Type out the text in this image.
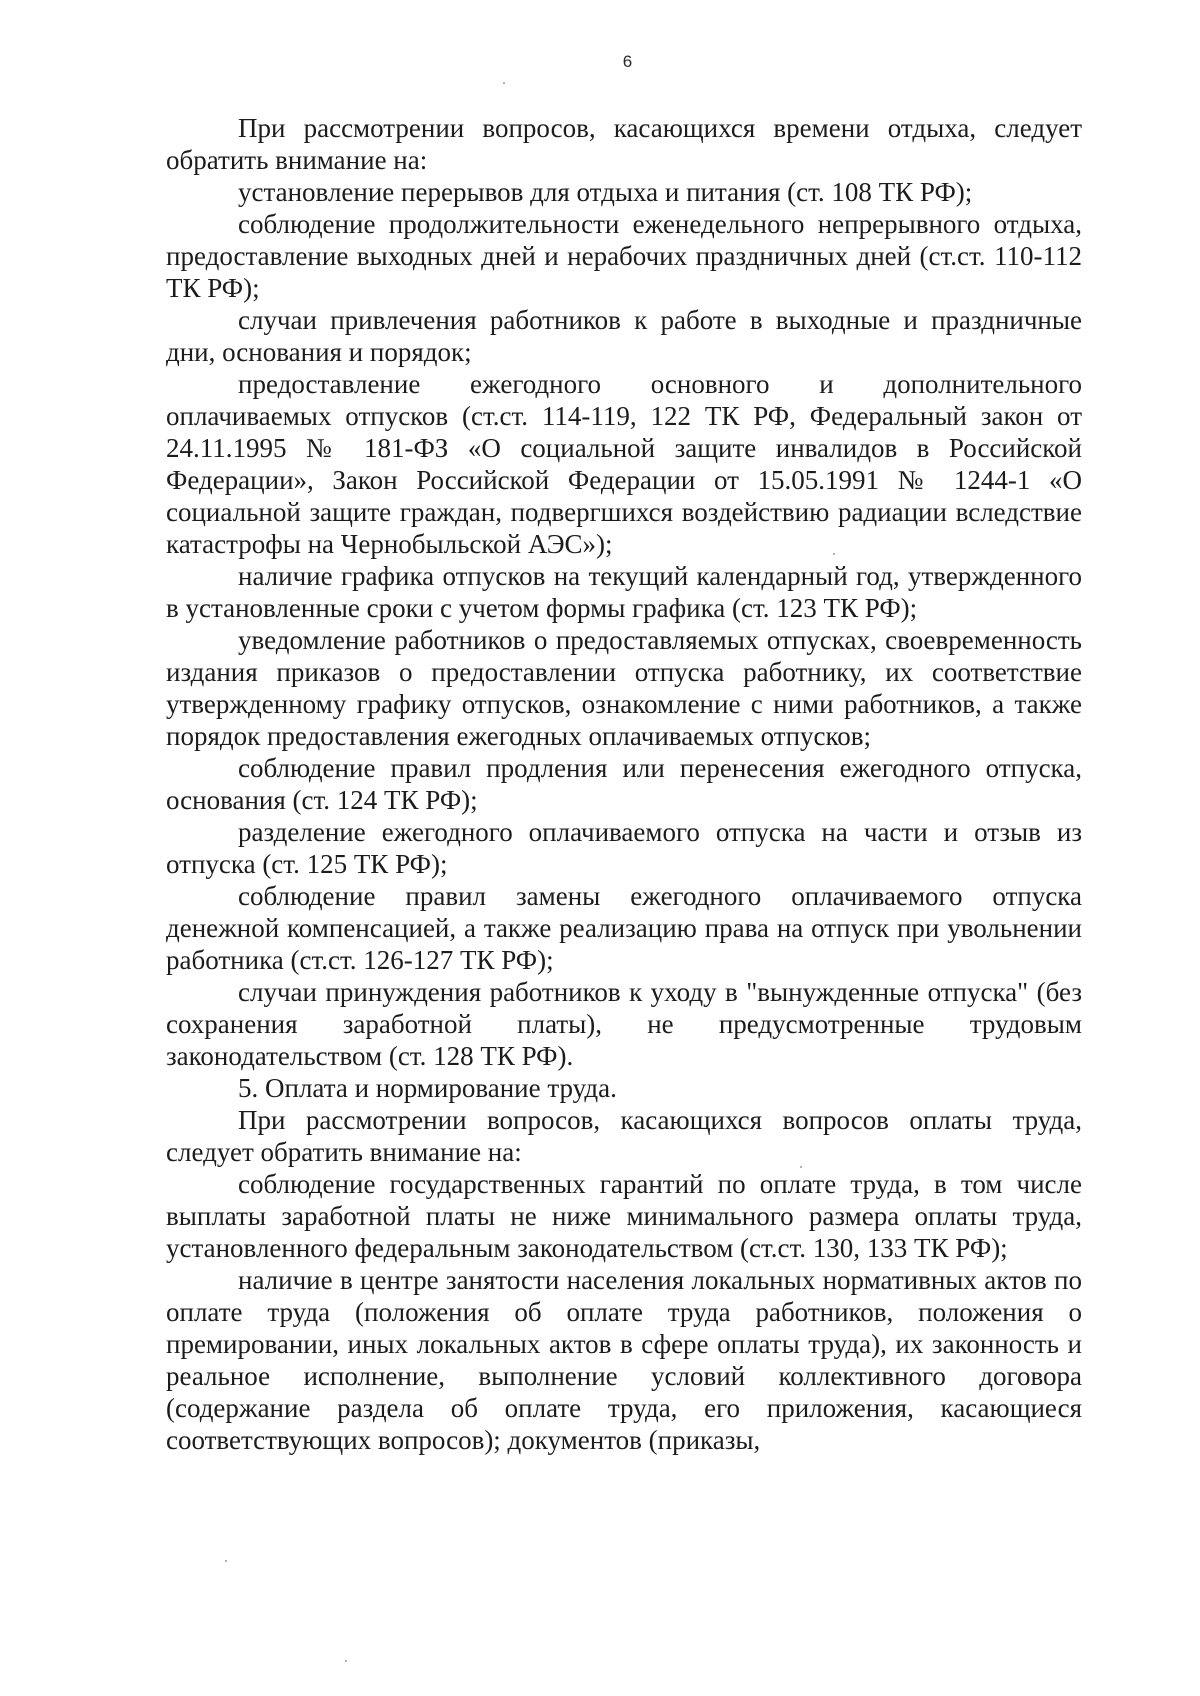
6

При рассмотрении вопросов, касающихся времени отдыха, следует обратить внимание на:

установление перерывов для отдыха и питания (ст. 108 ТК РФ);

соблюдение продолжительности еженедельного непрерывного отдыха, предоставление выходных дней и нерабочих праздничных дней (ст.ст. 110-112 ТК РФ);

случаи привлечения работников к работе в выходные и праздничные дни, основания и порядок;

предоставление ежегодного основного и дополнительного оплачиваемых отпусков (ст.ст. 114-119, 122 ТК РФ, Федеральный закон от 24.11.1995 № 181-ФЗ «О социальной защите инвалидов в Российской Федерации», Закон Российской Федерации от 15.05.1991 № 1244-1 «О социальной защите граждан, подвергшихся воздействию радиации вследствие катастрофы на Чернобыльской АЭС»);

наличие графика отпусков на текущий календарный год, утвержденного в установленные сроки с учетом формы графика (ст. 123 ТК РФ);

уведомление работников о предоставляемых отпусках, своевременность издания приказов о предоставлении отпуска работнику, их соответствие утвержденному графику отпусков, ознакомление с ними работников, а также порядок предоставления ежегодных оплачиваемых отпусков;

соблюдение правил продления или перенесения ежегодного отпуска, основания (ст. 124 ТК РФ);

разделение ежегодного оплачиваемого отпуска на части и отзыв из отпуска (ст. 125 ТК РФ);

соблюдение правил замены ежегодного оплачиваемого отпуска денежной компенсацией, а также реализацию права на отпуск при увольнении работника (ст.ст. 126-127 ТК РФ);

случаи принуждения работников к уходу в "вынужденные отпуска" (без сохранения заработной платы), не предусмотренные трудовым законодательством (ст. 128 ТК РФ).

5. Оплата и нормирование труда.

При рассмотрении вопросов, касающихся вопросов оплаты труда, следует обратить внимание на:

соблюдение государственных гарантий по оплате труда, в том числе выплаты заработной платы не ниже минимального размера оплаты труда, установленного федеральным законодательством (ст.ст. 130, 133 ТК РФ);

наличие в центре занятости населения локальных нормативных актов по оплате труда (положения об оплате труда работников, положения о премировании, иных локальных актов в сфере оплаты труда), их законность и реальное исполнение, выполнение условий коллективного договора (содержание раздела об оплате труда, его приложения, касающиеся соответствующих вопросов); документов (приказы,
